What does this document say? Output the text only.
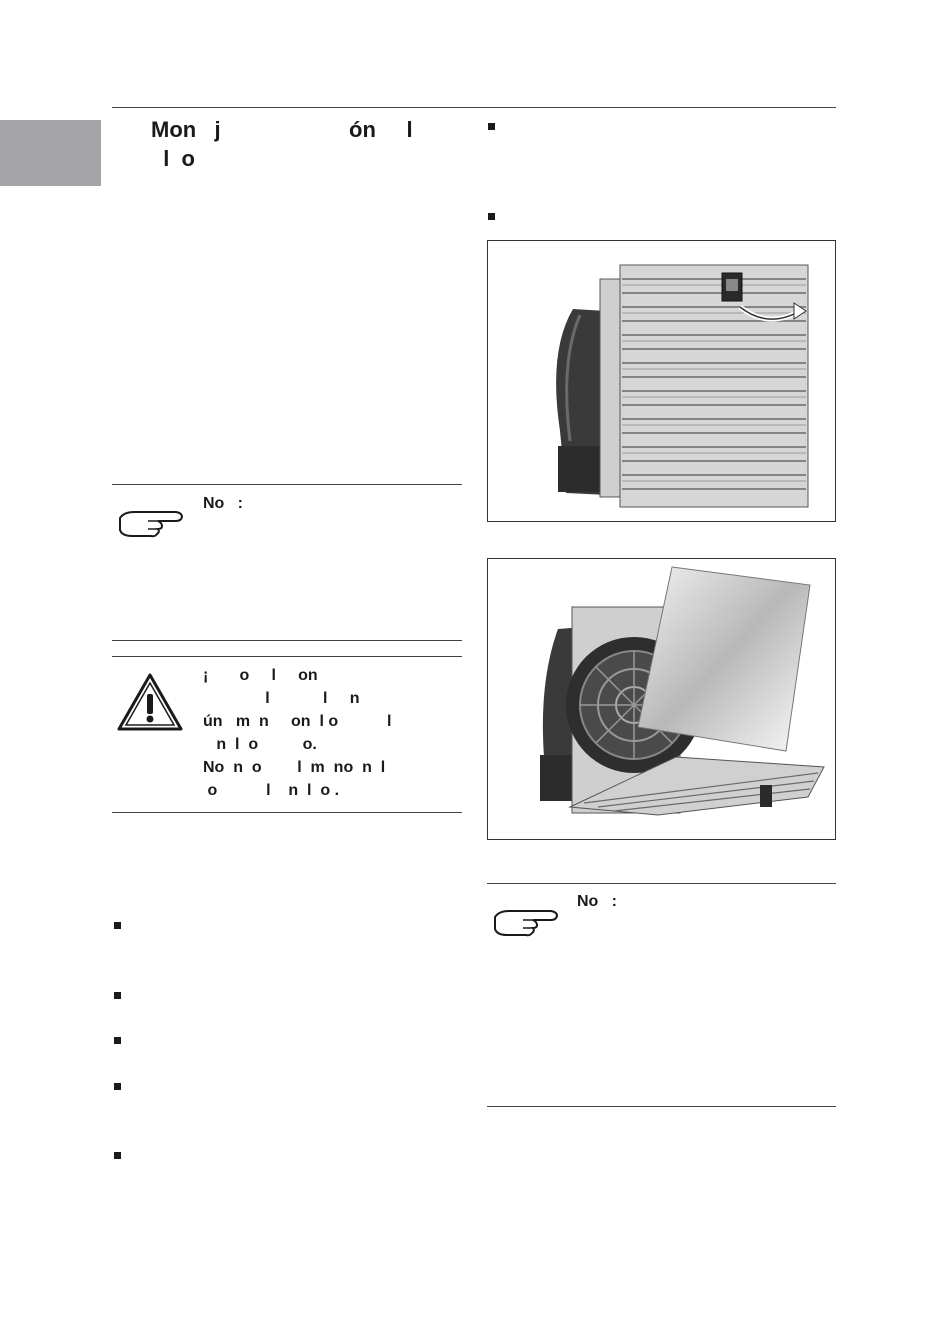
Mon   j                     ón     l
l  o
No   :
¡       o     l     on
l            l     n
ún   m  n     on  l o           l
n  l  o          o.
No  n  o        l  m  no  n  l
o           l    n  l  o .
No   :
